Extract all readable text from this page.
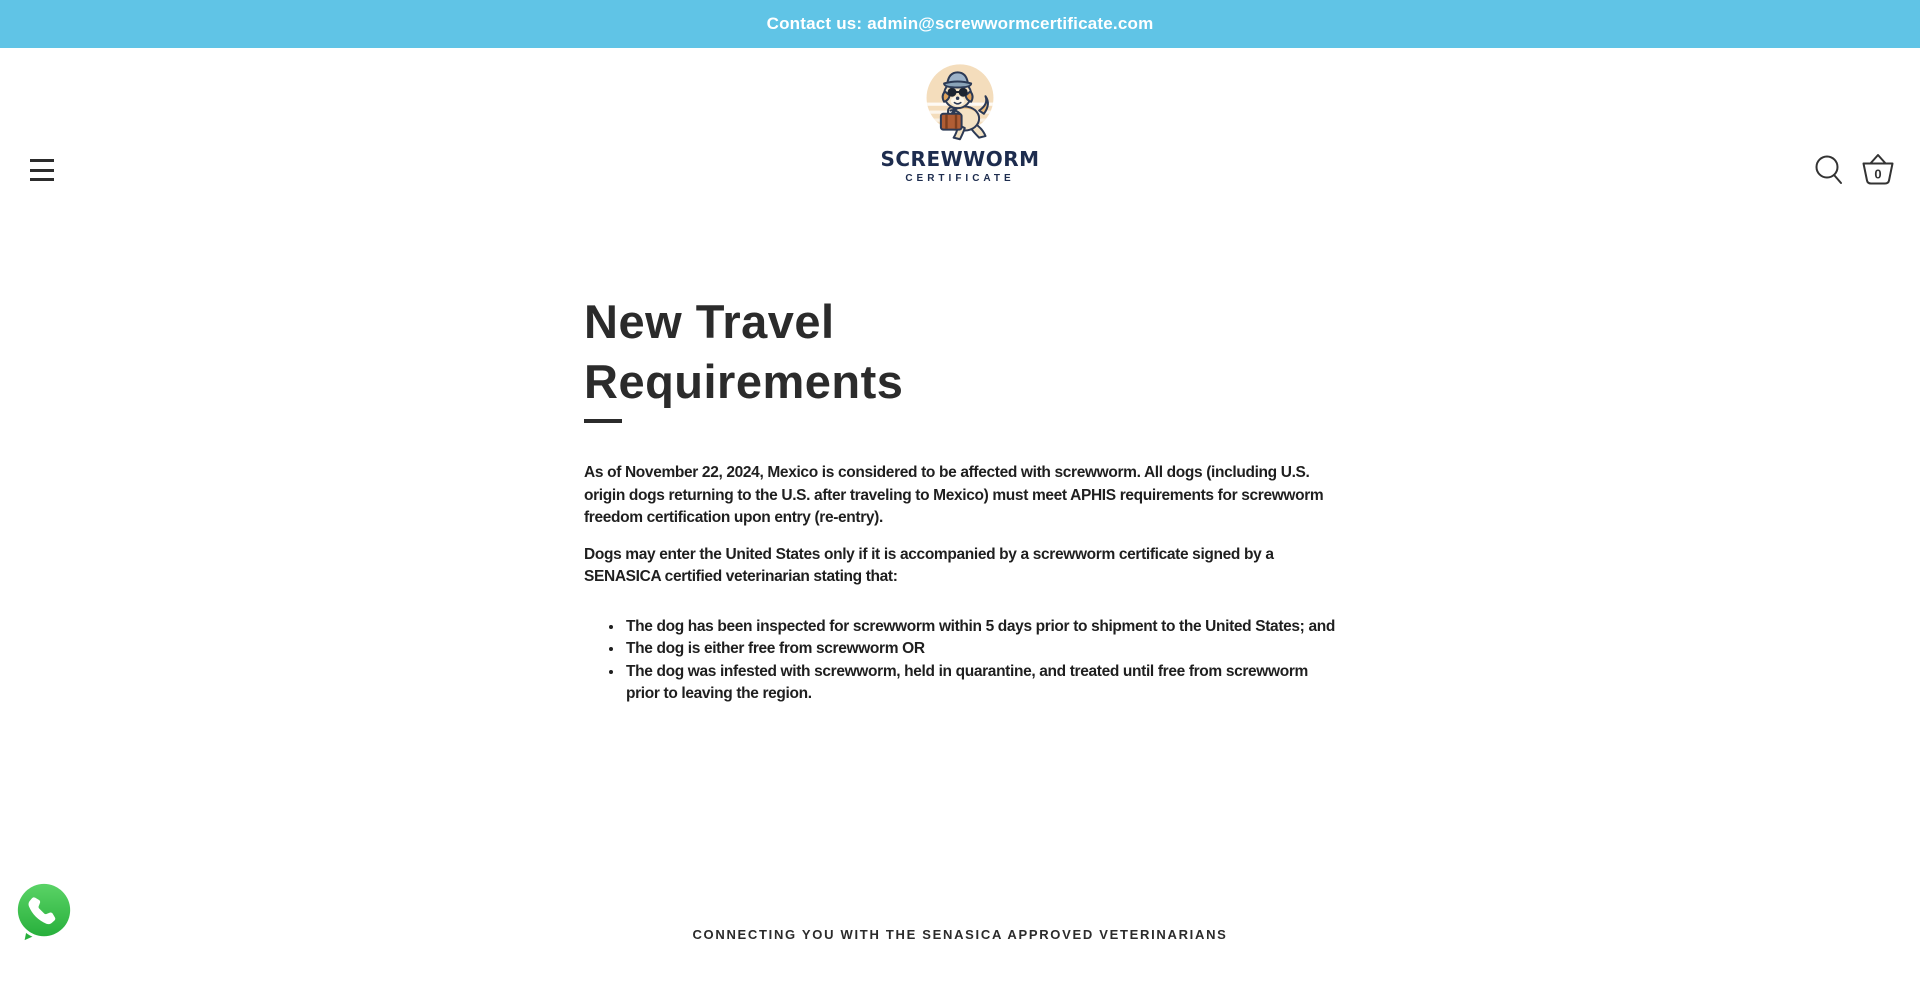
Contact us: admin@screwwormcertificate.com
SCREWWORM
CERTIFICATE	0
New Travel Requirements

As of November 22, 2024, Mexico is considered to be affected with screwworm. All dogs (including U.S. origin dogs returning to the U.S. after traveling to Mexico) must meet APHIS requirements for screwworm freedom certification upon entry (re-entry).

Dogs may enter the United States only if it is accompanied by a screwworm certificate signed by a SENASICA certified veterinarian stating that:

• The dog has been inspected for screwworm within 5 days prior to shipment to the United States; and
• The dog is either free from screwworm OR
• The dog was infested with screwworm, held in quarantine, and treated until free from screwworm prior to leaving the region.
CONNECTING YOU WITH THE SENASICA APPROVED VETERINARIANS
